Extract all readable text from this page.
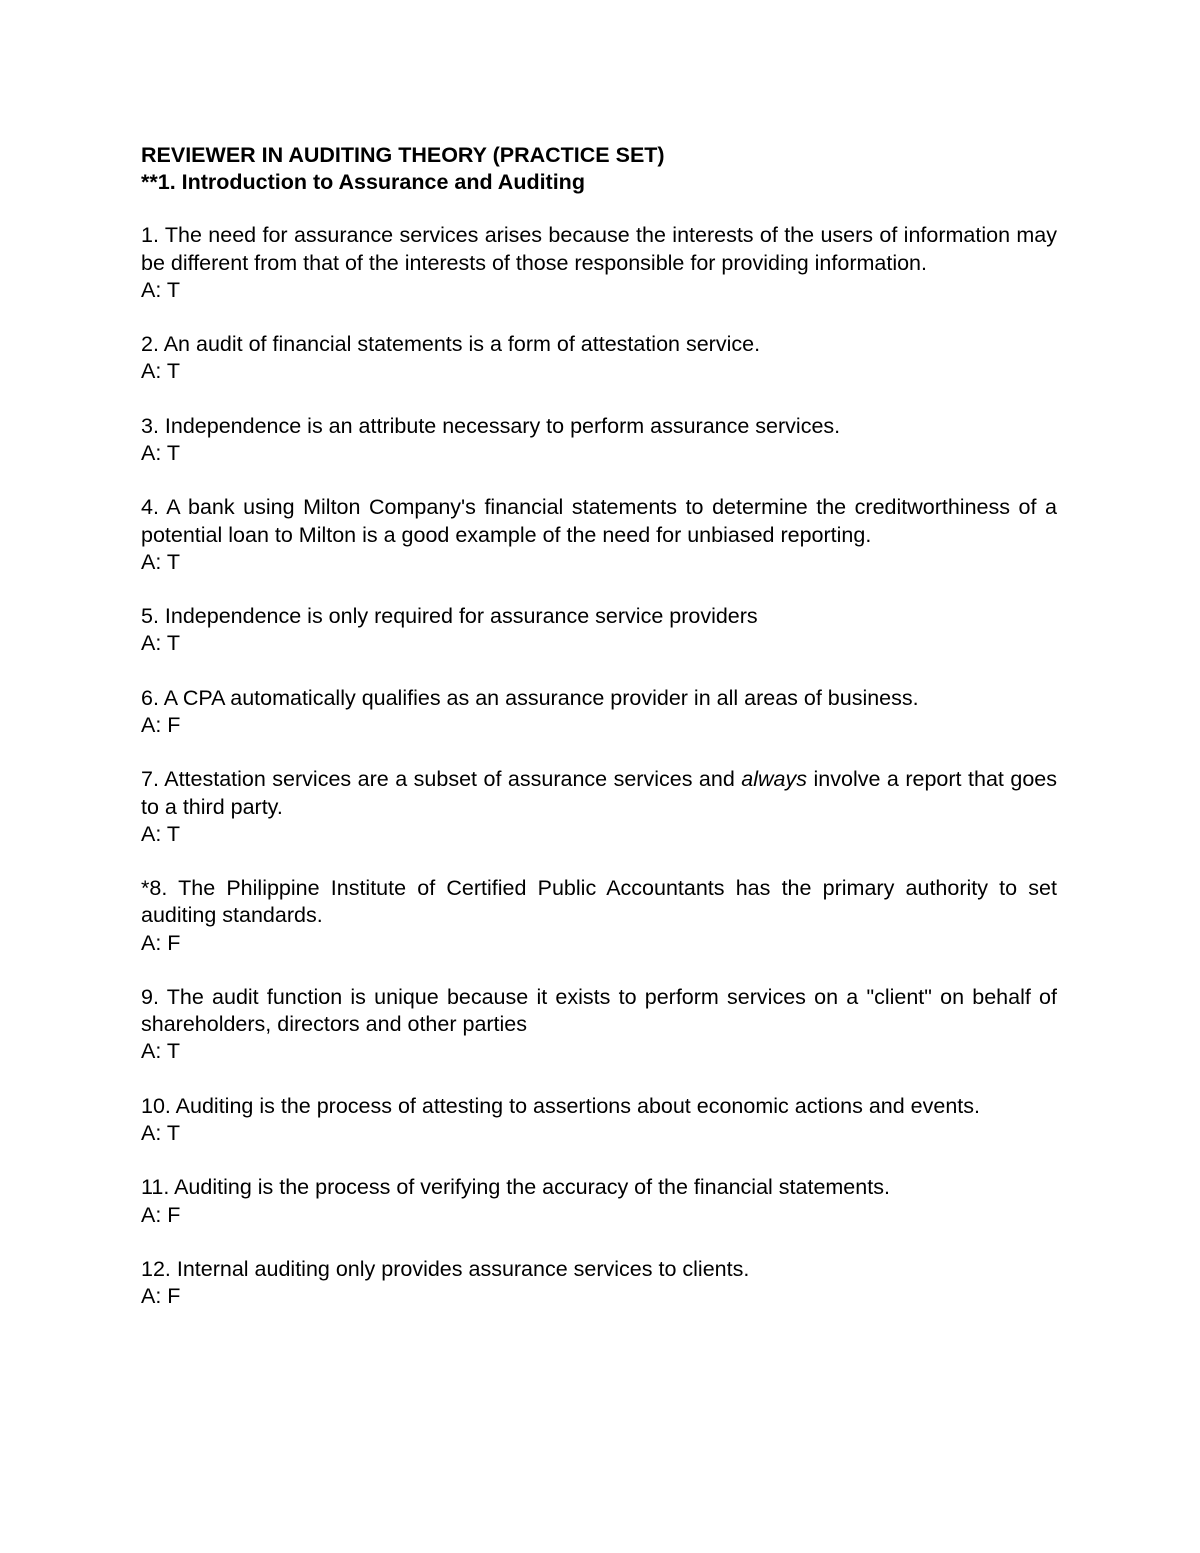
REVIEWER IN AUDITING THEORY (PRACTICE SET)

**1. Introduction to Assurance and Auditing

1. The need for assurance services arises because the interests of the users of information may be different from that of the interests of those responsible for providing information.

A: T

2. An audit of financial statements is a form of attestation service.

A: T

3. Independence is an attribute necessary to perform assurance services.

A: T

4. A bank using Milton Company's financial statements to determine the creditworthiness of a potential loan to Milton is a good example of the need for unbiased reporting.

A: T

5. Independence is only required for assurance service providers

A: T

6. A CPA automatically qualifies as an assurance provider in all areas of business.

A: F

7. Attestation services are a subset of assurance services and always involve a report that goes to a third party.

A: T

*8. The Philippine Institute of Certified Public Accountants has the primary authority to set auditing standards.

A: F

9. The audit function is unique because it exists to perform services on a "client" on behalf of shareholders, directors and other parties

A: T

10. Auditing is the process of attesting to assertions about economic actions and events.

A: T

11. Auditing is the process of verifying the accuracy of the financial statements.

A: F

12. Internal auditing only provides assurance services to clients.

A: F
